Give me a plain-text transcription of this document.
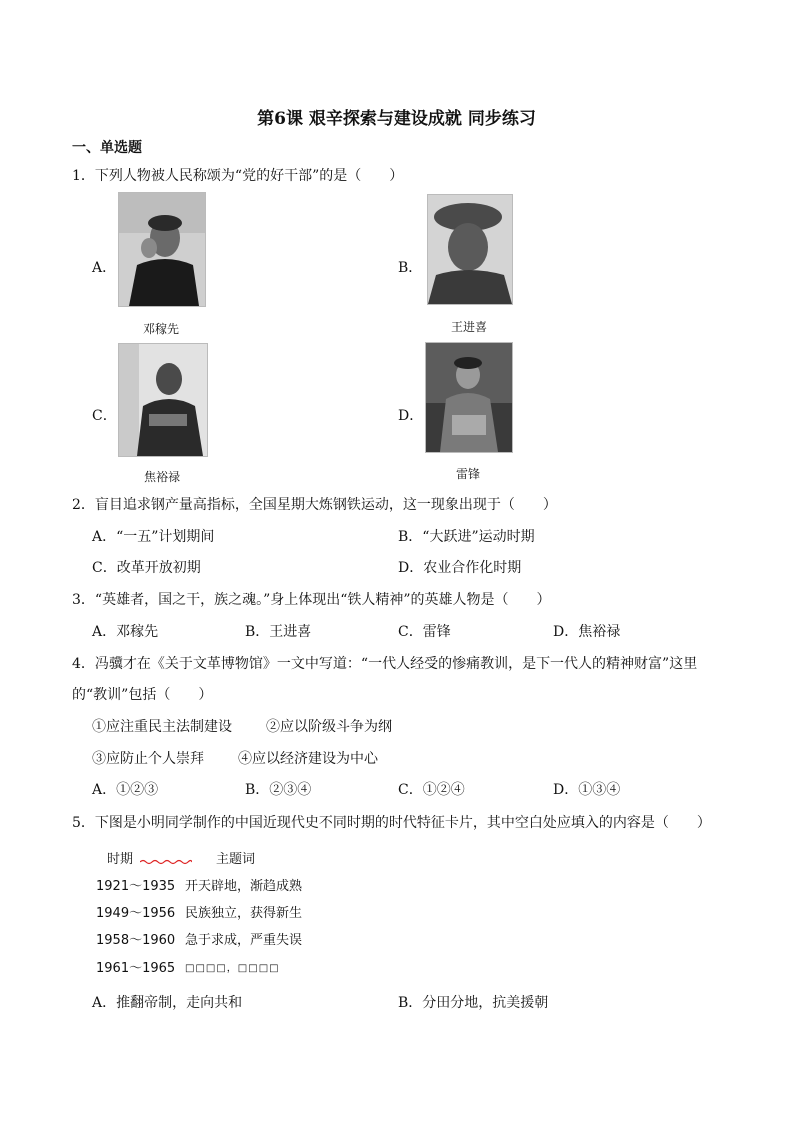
第6课 艰辛探索与建设成就 同步练习
一、单选题
1．下列人物被人民称颂为“党的好干部”的是（　　）
A．
邓稼先
B．
王进喜
C．
焦裕禄
D．
雷锋
2．盲目追求钢产量高指标，全国星期大炼钢铁运动，这一现象出现于（　　）
A．“一五”计划期间	B．“大跃进”运动时期
C．改革开放初期	D．农业合作化时期
3．“英雄者，国之干，族之魂。”身上体现出“铁人精神”的英雄人物是（　　）
A．邓稼先	B．王进喜	C．雷锋	D．焦裕禄
4．冯骥才在《关于文革博物馆》一文中写道：“一代人经受的惨痛教训，是下一代人的精神财富”这里
的“教训”包括（　　）
①应注重民主法制建设 ②应以阶级斗争为纲
③应防止个人崇拜 ④应以经济建设为中心
A．①②③	B．②③④	C．①②④	D．①③④
5．下图是小明同学制作的中国近现代史不同时期的时代特征卡片，其中空白处应填入的内容是（　　）
时期	主题词
1921～1935 开天辟地，渐趋成熟
1949～1956 民族独立，获得新生
1958～1960 急于求成，严重失误
1961～1965 □□□□，□□□□
A．推翻帝制，走向共和	B．分田分地，抗美援朝
